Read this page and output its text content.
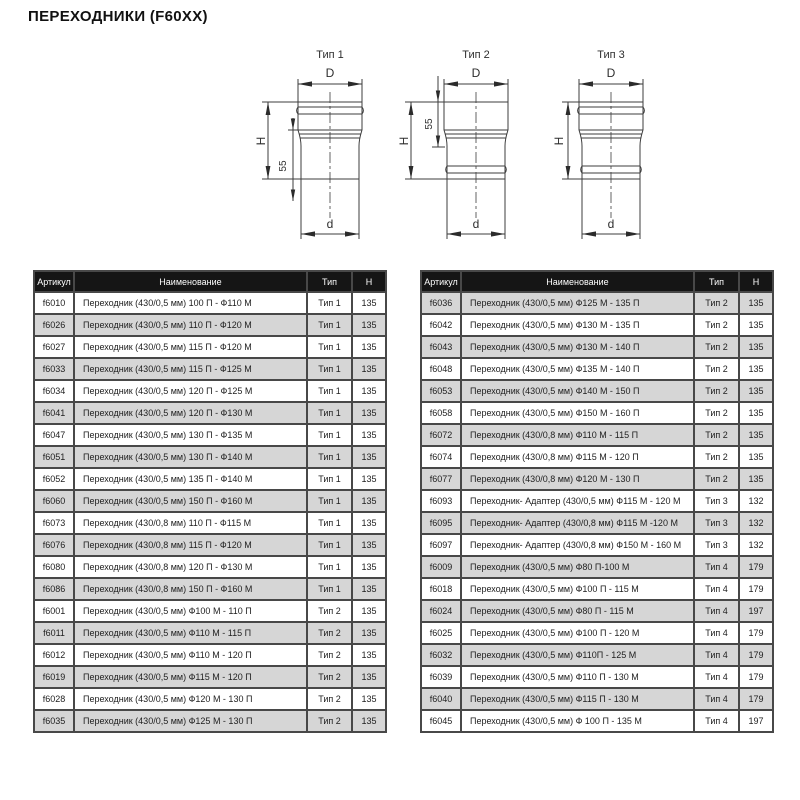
ПЕРЕХОДНИКИ (F60XX)
Тип 1
D
H
55
d
Тип 2
D
H
55
d
Тип 3
D
H
d
Артикул	Наименование	Тип	Н
f6010	Переходник (430/0,5 мм) 100 П - Ф110 М	Тип 1	135
f6026	Переходник (430/0,5 мм) 110 П - Ф120 М	Тип 1	135
f6027	Переходник (430/0,5 мм) 115 П - Ф120 М	Тип 1	135
f6033	Переходник (430/0,5 мм) 115 П - Ф125 М	Тип 1	135
f6034	Переходник (430/0,5 мм) 120 П - Ф125 М	Тип 1	135
f6041	Переходник (430/0,5 мм) 120 П - Ф130 М	Тип 1	135
f6047	Переходник (430/0,5 мм) 130 П - Ф135 М	Тип 1	135
f6051	Переходник (430/0,5 мм) 130 П - Ф140 М	Тип 1	135
f6052	Переходник (430/0,5 мм) 135 П - Ф140 М	Тип 1	135
f6060	Переходник (430/0,5 мм) 150 П - Ф160 М	Тип 1	135
f6073	Переходник (430/0,8 мм) 110 П - Ф115 М	Тип 1	135
f6076	Переходник (430/0,8 мм) 115 П - Ф120 М	Тип 1	135
f6080	Переходник (430/0,8 мм) 120 П - Ф130 М	Тип 1	135
f6086	Переходник (430/0,8 мм) 150 П - Ф160 М	Тип 1	135
f6001	Переходник (430/0,5 мм) Ф100 М - 110 П	Тип 2	135
f6011	Переходник (430/0,5 мм) Ф110 М - 115 П	Тип 2	135
f6012	Переходник (430/0,5 мм) Ф110 М - 120 П	Тип 2	135
f6019	Переходник (430/0,5 мм) Ф115 М - 120 П	Тип 2	135
f6028	Переходник (430/0,5 мм) Ф120 М - 130 П	Тип 2	135
f6035	Переходник (430/0,5 мм) Ф125 М - 130 П	Тип 2	135
Артикул	Наименование	Тип	Н
f6036	Переходник (430/0,5 мм) Ф125 М - 135 П	Тип 2	135
f6042	Переходник (430/0,5 мм) Ф130 М - 135 П	Тип 2	135
f6043	Переходник (430/0,5 мм) Ф130 М - 140 П	Тип 2	135
f6048	Переходник (430/0,5 мм) Ф135 М - 140 П	Тип 2	135
f6053	Переходник (430/0,5 мм) Ф140 М - 150 П	Тип 2	135
f6058	Переходник (430/0,5 мм) Ф150 М - 160 П	Тип 2	135
f6072	Переходник (430/0,8 мм) Ф110 М - 115 П	Тип 2	135
f6074	Переходник (430/0,8 мм) Ф115 М - 120 П	Тип 2	135
f6077	Переходник (430/0,8 мм) Ф120 М - 130 П	Тип 2	135
f6093	Переходник- Адаптер (430/0,5 мм) Ф115 М - 120 М	Тип 3	132
f6095	Переходник- Адаптер (430/0,8 мм) Ф115 М -120 М	Тип 3	132
f6097	Переходник- Адаптер (430/0,8 мм) Ф150 М - 160 М	Тип 3	132
f6009	Переходник (430/0,5 мм) Ф80 П-100 М	Тип 4	179
f6018	Переходник (430/0,5 мм) Ф100 П - 115 М	Тип 4	179
f6024	Переходник (430/0,5 мм) Ф80 П - 115 М	Тип 4	197
f6025	Переходник (430/0,5 мм) Ф100 П - 120 М	Тип 4	179
f6032	Переходник (430/0,5 мм) Ф110П - 125 М	Тип 4	179
f6039	Переходник (430/0,5 мм) Ф110 П - 130 М	Тип 4	179
f6040	Переходник (430/0,5 мм) Ф115 П - 130 М	Тип 4	179
f6045	Переходник (430/0,5 мм) Ф 100 П - 135 М	Тип 4	197
